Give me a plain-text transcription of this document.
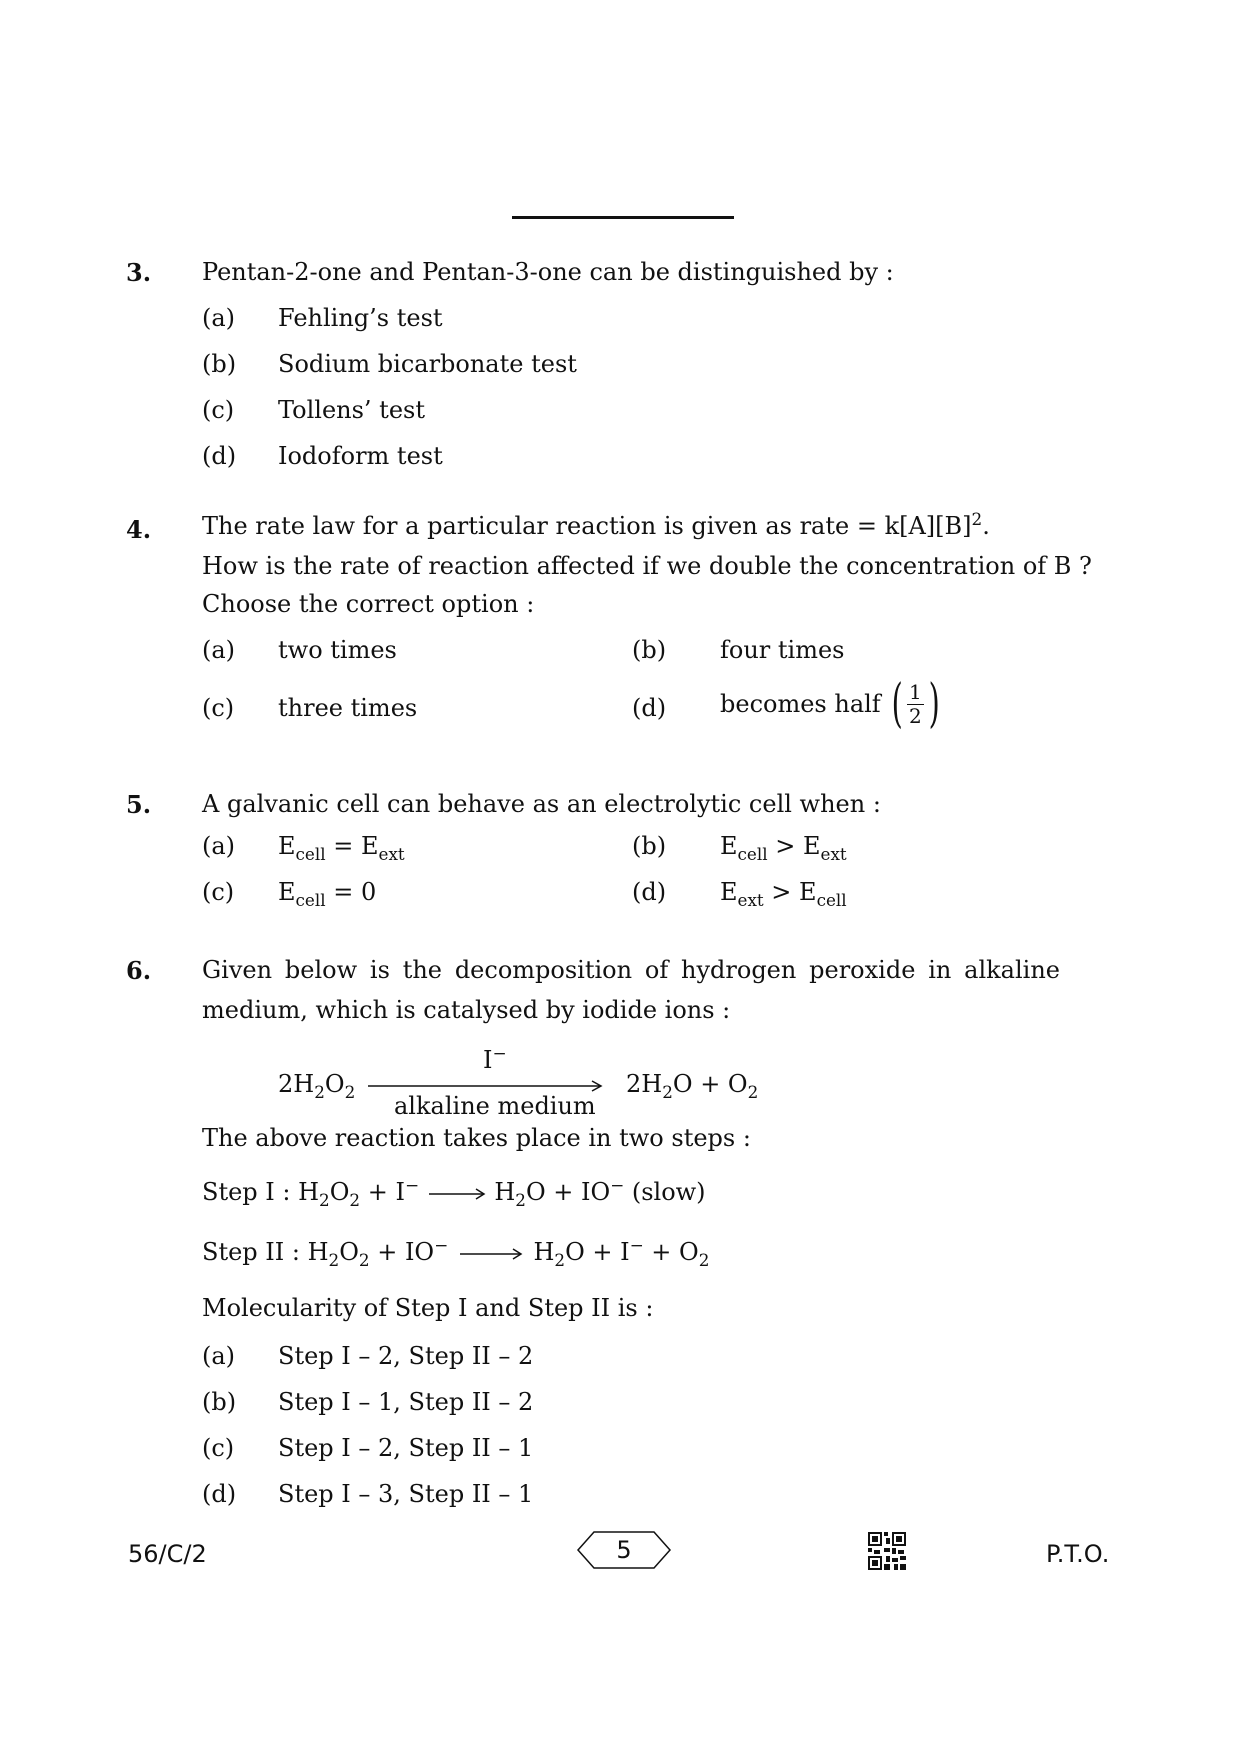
3. Pentan-2-one and Pentan-3-one can be distinguished by :
(a) Fehling’s test
(b) Sodium bicarbonate test
(c) Tollens’ test
(d) Iodoform test
4. The rate law for a particular reaction is given as rate = $k[A][B]^2$.
How is the rate of reaction affected if we double the concentration of B ?
Choose the correct option :
(a) two times	(b) four times
(c) three times	(d) becomes half ( $\frac{1}{2}$ )
5. A galvanic cell can behave as an electrolytic cell when :
(a) $E_{cell} = E_{ext}$	(b) $E_{cell} > E_{ext}$
(c) $E_{cell} = 0$	(d) $E_{ext} > E_{cell}$
6. Given below is the decomposition of hydrogen peroxide in alkaline
medium, which is catalysed by iodide ions :
$2H_2O_2$
I−
alkaline medium
$2H_2O + O_2$
The above reaction takes place in two steps :
Step I : $H_2O_2 + I^- \to H_2O + IO^-$ (slow)
Step II : $H_2O_2 + IO^- \to H_2O + I^- + O_2$
Molecularity of Step I and Step II is :
(a) Step I – 2, Step II – 2
(b) Step I – 1, Step II – 2
(c) Step I – 2, Step II – 1
(d) Step I – 3, Step II – 1
56/C/2	5	P.T.O.
